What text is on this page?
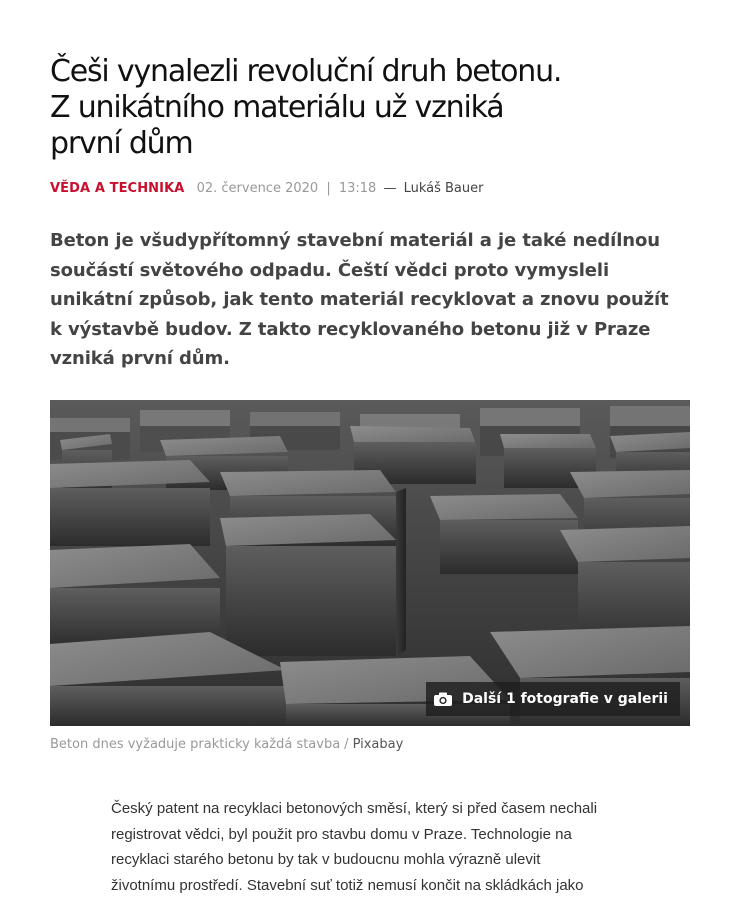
Češi vynalezli revoluční druh betonu.
Z unikátního materiálu už vzniká
první dům
VĚDA A TECHNIKA 02. července 2020 | 13:18 — Lukáš Bauer

Beton je všudypřítomný stavební materiál a je také nedílnou
součástí světového odpadu. Čeští vědci proto vymysleli
unikátní způsob, jak tento materiál recyklovat a znovu použít
k výstavbě budov. Z takto recyklovaného betonu již v Praze
vzniká první dům.

Další 1 fotografie v galerii
Beton dnes vyžaduje prakticky každá stavba / Pixabay

Český patent na recyklaci betonových směsí, který si před časem nechali
registrovat vědci, byl použit pro stavbu domu v Praze. Technologie na
recyklaci starého betonu by tak v budoucnu mohla výrazně ulevit
životnímu prostředí. Stavební suť totiž nemusí končit na skládkách jako
